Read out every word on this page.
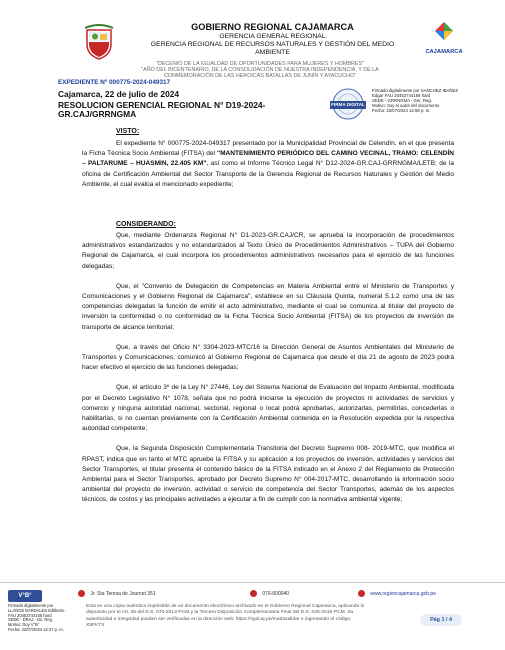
CAJAMARCA
GOBIERNO REGIONAL CAJAMARCA
GERENCIA GENERAL REGIONAL
GERENCIA REGIONAL DE RECURSOS NATURALES Y GESTIÓN DEL MEDIO AMBIENTE
"DECENIO DE LA IGUALDAD DE OPORTUNIDADES PARA MUJERES Y HOMBRES"
"AÑO DEL BICENTENARIO, DE LA CONSOLIDACIÓN DE NUESTRA INDEPENDENCIA, Y DE LA
CONMEMORACIÓN DE LAS HEROICAS BATALLAS DE JUNÍN Y AYACUCHO"
EXPEDIENTE Nº 000775-2024-049317
Cajamarca, 22 de julio de 2024
RESOLUCION GERENCIAL REGIONAL N° D19-2024-
GR.CAJ/GRRNGMA
FIRMA DIGITAL
Firmado digitalmente por SANCHEZ IBAÑEZ
Edgar FAU 20453744168 hard
SEDE - GRRNGMA - Ger. Reg.
Motivo: Soy el autor del documento
Fecha: 22/07/2024 12:58 p. m.
VISTO:

El expediente N° 000775-2024-049317 presentado por la Municipalidad Provincial de Celendín, en el que presenta la Ficha Técnica Socio Ambiental (FITSA) del "MANTENIMIENTO PERIÓDICO DEL CAMINO VECINAL, TRAMO: CELENDÍN – PALTARUME – HUASMIN, 22.405 KM", así como el Informe Técnico Legal N° D12-2024-GR.CAJ-GRRNGMA/LETB; de la oficina de Certificación Ambiental del Sector Transporte de la Gerencia Regional de Recursos Naturales y Gestión del Medio Ambiente, el cual evalúa el mencionado expediente;

CONSIDERANDO:

Que, mediante Ordenanza Regional N° D1-2023-GR.CAJ/CR, se aprueba la incorporación de procedimientos administrativos estandarizados y no estandarizados al Texto Único de Procedimientos Administrativos – TUPA del Gobierno Regional de Cajamarca, el cual incorpora los procedimientos administrativos necesarios para el ejercicio de las funciones delegadas;

Que, el "Convenio de Delegación de Competencias en Materia Ambiental entre el Ministerio de Transportes y Comunicaciones y el Gobierno Regional de Cajamarca", establece en su Cláusula Quinta, numeral 5.1.2 como una de las competencias delegadas la función de emitir el acto administrativo, mediante el cual se comunica al titular del proyecto de inversión la conformidad o no conformidad de la Ficha Técnica Socio Ambiental (FITSA) de los proyectos de inversión de transporte de alcance territorial;

Que, a través del Oficio N° 3304-2023-MTC/16 la Dirección General de Asuntos Ambientales del Ministerio de Transportes y Comunicaciones, comunicó al Gobierno Regional de Cajamarca que desde el día 21 de agosto de 2023 podrá hacer efectivo el ejercicio de las funciones delegadas;

Que, el artículo 3º de la Ley N° 27446, Ley del Sistema Nacional de Evaluación del Impacto Ambiental, modificada por el Decreto Legislativo N° 1078, señala que no podrá iniciarse la ejecución de proyectos ni actividades de servicios y comercio y ninguna autoridad nacional, sectorial, regional o local podrá aprobarlas, autorizarlas, permitirlas, concederlas o habilitarlas, si no cuentan previamente con la Certificación Ambiental contenida en la Resolución expedida por la respectiva autoridad competente;

Que, la Segunda Disposición Complementaria Transitoria del Decreto Supremo 008- 2019-MTC, que modifica el RPAST, indica que en tanto el MTC apruebe la FITSA y su aplicación a los proyectos de inversión, actividades y servicios del Sector Transportes, el titular presenta el contenido básico de la FITSA indicado en el Anexo 2 del Reglamento de Protección Ambiental para el Sector Transportes, aprobado por Decreto Supremo N° 004-2017-MTC, desarrollando la información socio ambiental del proyecto de inversión, actividad o servicio de competencia del Sector Transportes, además de los aspectos técnicos, de costos y las principales actividades a ejecutar a fin de cumplir con la normativa ambiental vigente;

V°B°
Firmado digitalmente por
LLANOS BARDALES Edilberto
FAU 20453744168 hard
SEDE - DRAJ - Dir. Reg.
Motivo: Doy V°B°
Fecha: 22/07/2024 12:27 p. m.
Jr. Sta Teresa de Journet 351	076-600040	www.regioncajamarca.gob.pe
Esta es una copia auténtica imprimible de un documento electrónico archivado en el Gobierno Regional Cajamarca, aplicando lo
dispuesto por el Art. 25 del D.S. 070-2013-PCM y la Tercera Disposición Complementaria Final del D.S. 026-2016-PCM. Su
autenticidad e integridad pueden ser verificadas en la dirección web: https://sgdcaj.pe/mad3validar e ingresando el código:
X9FKTX
Pág 1 / 4
